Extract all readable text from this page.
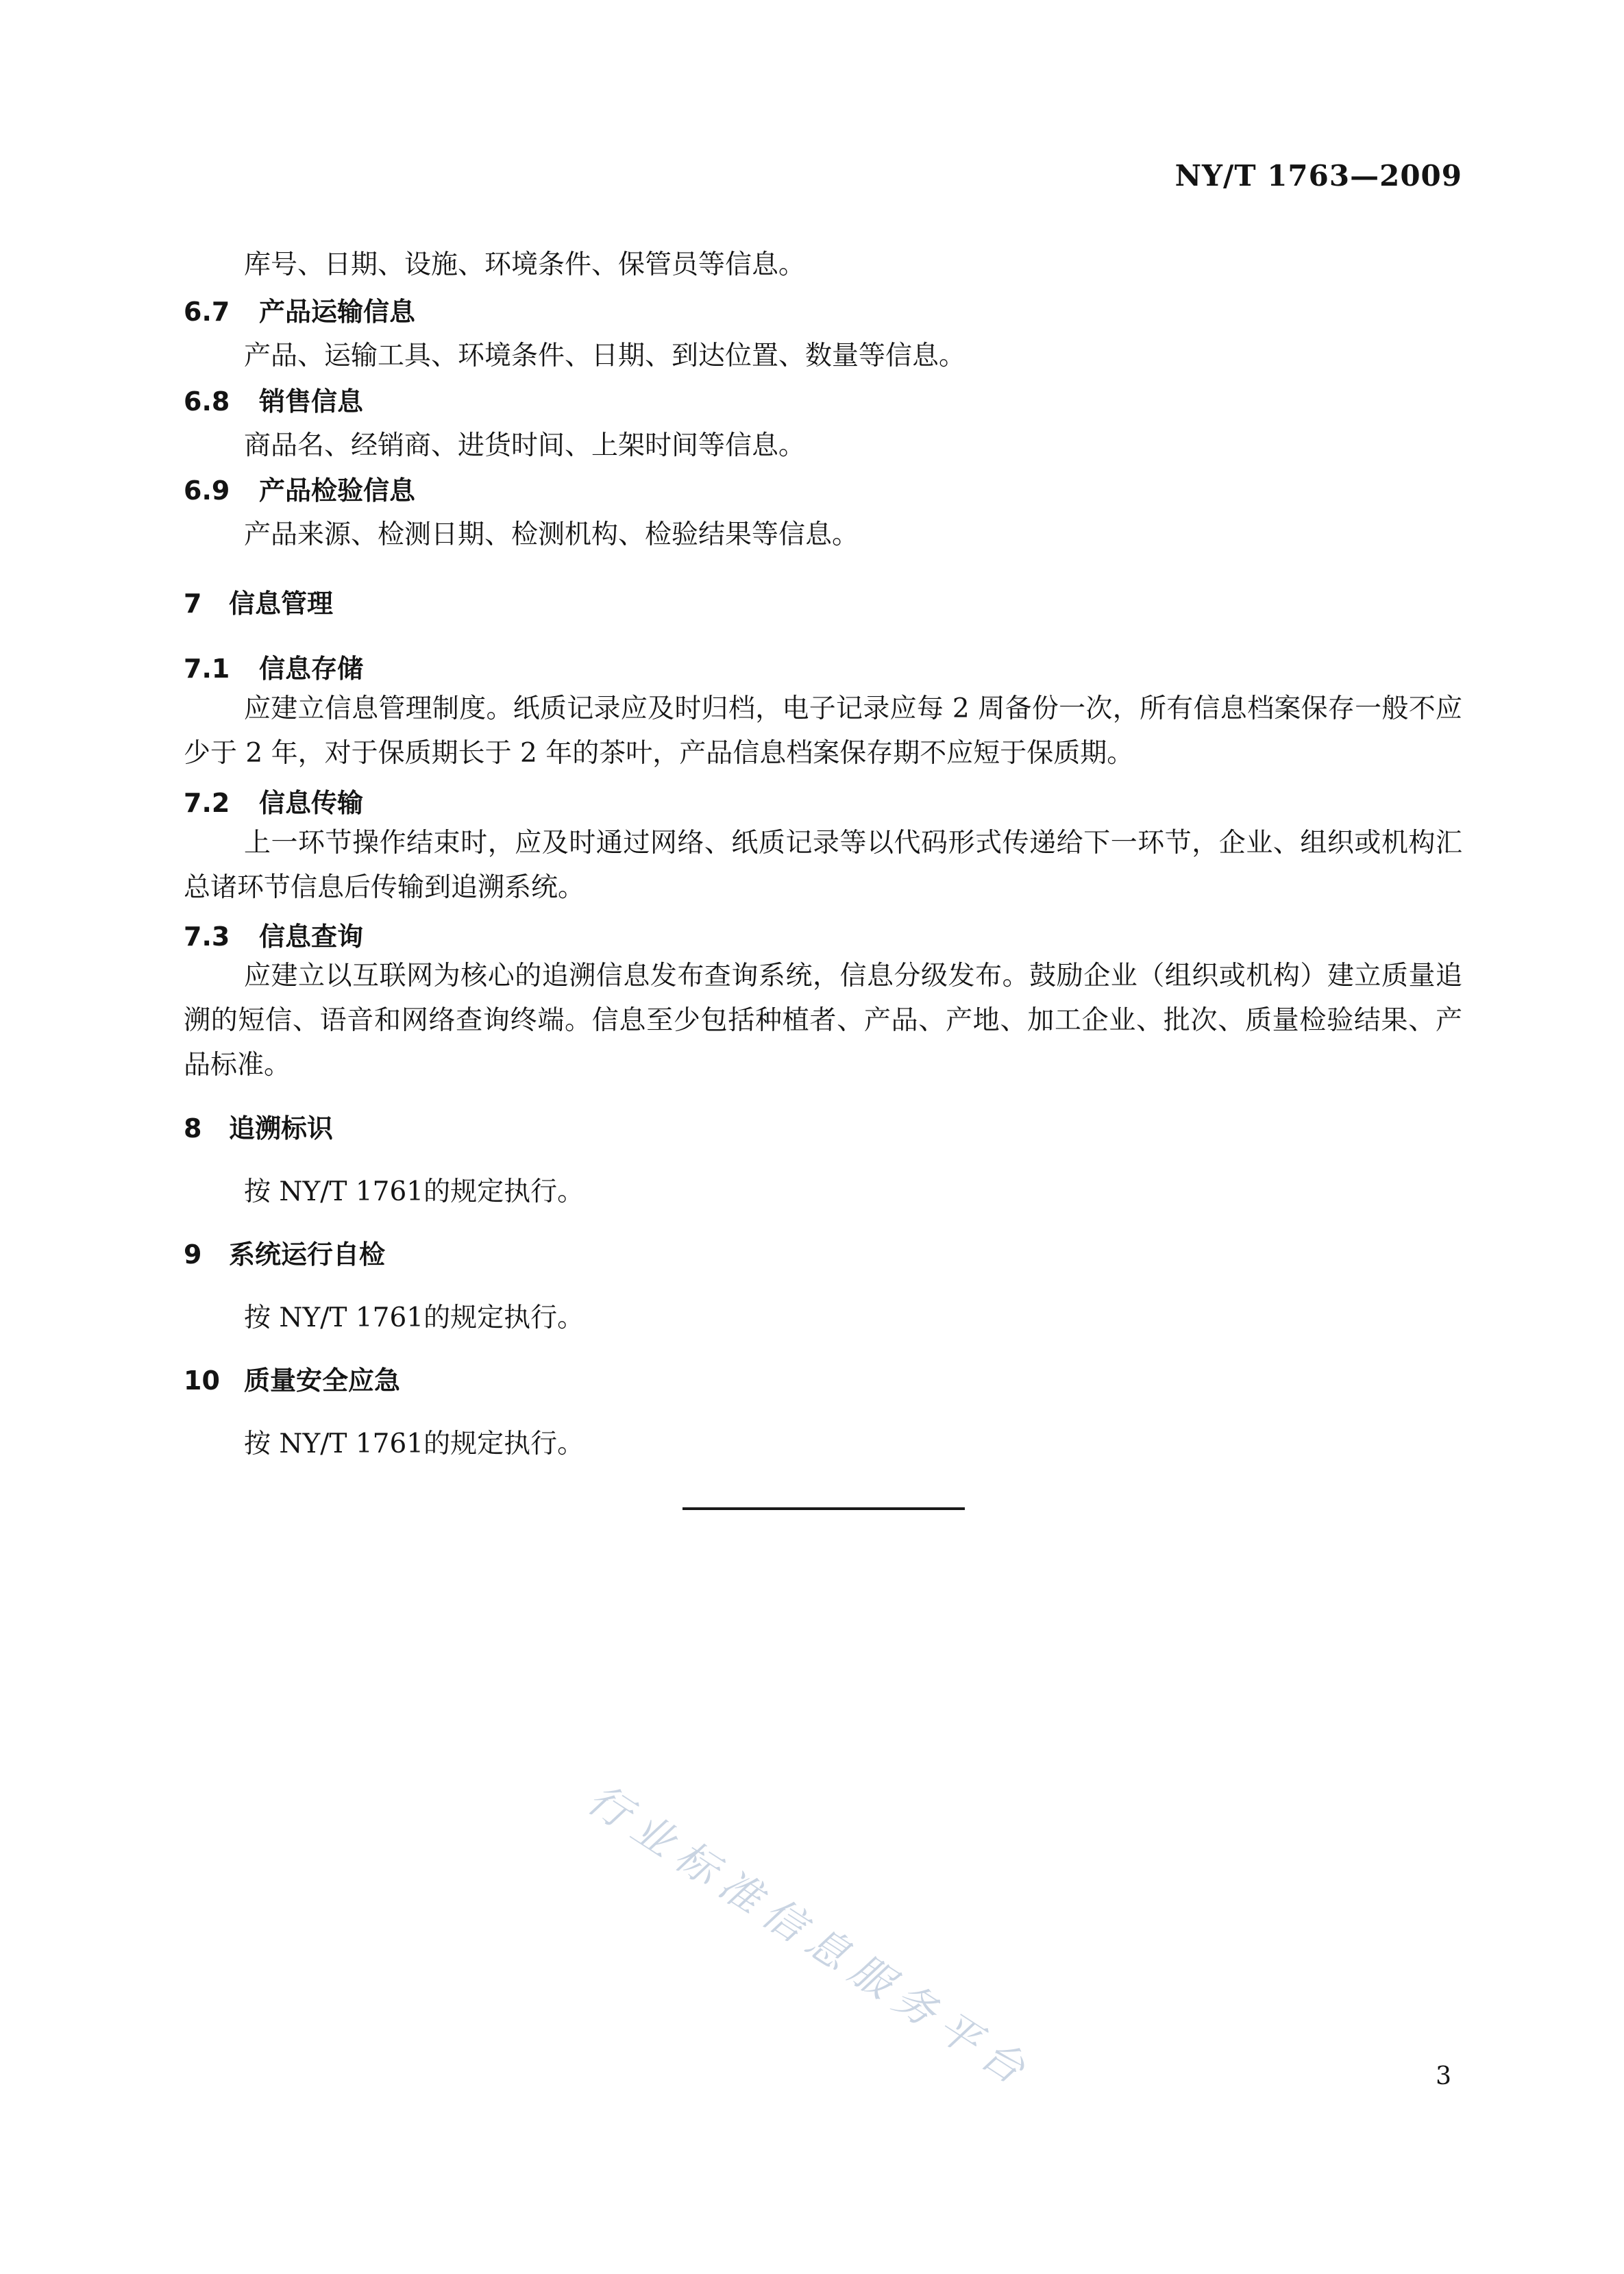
NY/T 1763—2009
库号、日期、设施、环境条件、保管员等信息。
6.7 产品运输信息
产品、运输工具、环境条件、日期、到达位置、数量等信息。
6.8 销售信息
商品名、经销商、进货时间、上架时间等信息。
6.9 产品检验信息
产品来源、检测日期、检测机构、检验结果等信息。
7 信息管理
7.1 信息存储

应建立信息管理制度。纸质记录应及时归档，电子记录应每 2 周备份一次，所有信息档案保存一般不应少于 2 年，对于保质期长于 2 年的茶叶，产品信息档案保存期不应短于保质期。

7.2 信息传输

上一环节操作结束时，应及时通过网络、纸质记录等以代码形式传递给下一环节，企业、组织或机构汇总诸环节信息后传输到追溯系统。

7.3 信息查询

应建立以互联网为核心的追溯信息发布查询系统，信息分级发布。鼓励企业（组织或机构）建立质量追溯的短信、语音和网络查询终端。信息至少包括种植者、产品、产地、加工企业、批次、质量检验结果、产品标准。

8 追溯标识
按 NY/T 1761的规定执行。
9 系统运行自检
按 NY/T 1761的规定执行。
10 质量安全应急
按 NY/T 1761的规定执行。
行业标准信息服务平台	3
